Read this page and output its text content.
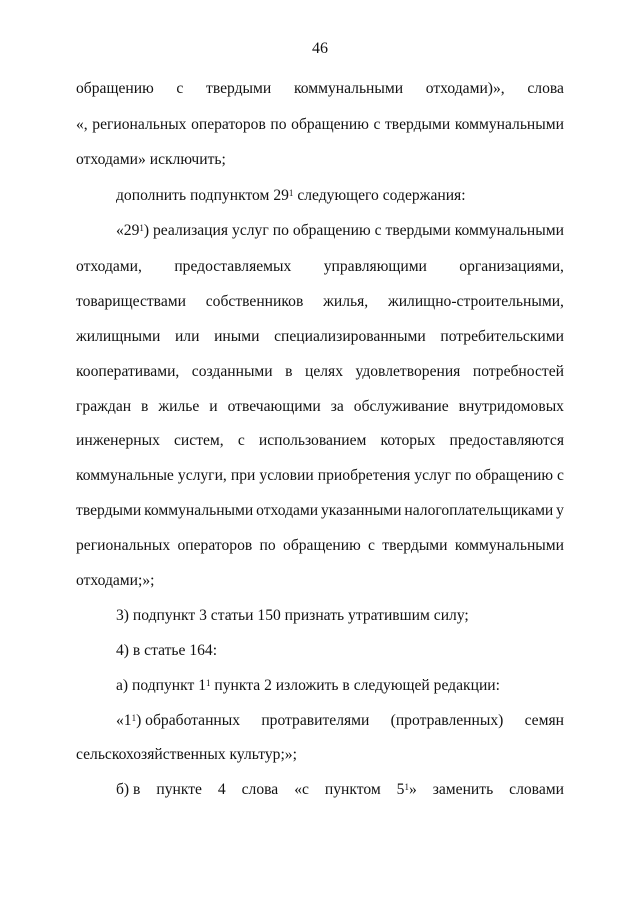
46
обращению с твердыми коммунальными отходами)», слова
«, региональных операторов по обращению с твердыми коммунальными
отходами» исключить;
дополнить подпунктом $29^1$ следующего содержания:
«$29^1$) реализация услуг по обращению с твердыми коммунальными
отходами, предоставляемых управляющими организациями,
товариществами собственников жилья, жилищно-строительными,
жилищными или иными специализированными потребительскими
кооперативами, созданными в целях удовлетворения потребностей
граждан в жилье и отвечающими за обслуживание внутридомовых
инженерных систем, с использованием которых предоставляются
коммунальные услуги, при условии приобретения услуг по обращению с
твердыми коммунальными отходами указанными налогоплательщиками у
региональных операторов по обращению с твердыми коммунальными
отходами;»;
3) подпункт 3 статьи 150 признать утратившим силу;
4) в статье 164:
а) подпункт $1^1$ пункта 2 изложить в следующей редакции:
«$1^1$) обработанных протравителями (протравленных) семян
сельскохозяйственных культур;»;
б) в пункте 4 слова «с пунктом $5^1$» заменить словами
